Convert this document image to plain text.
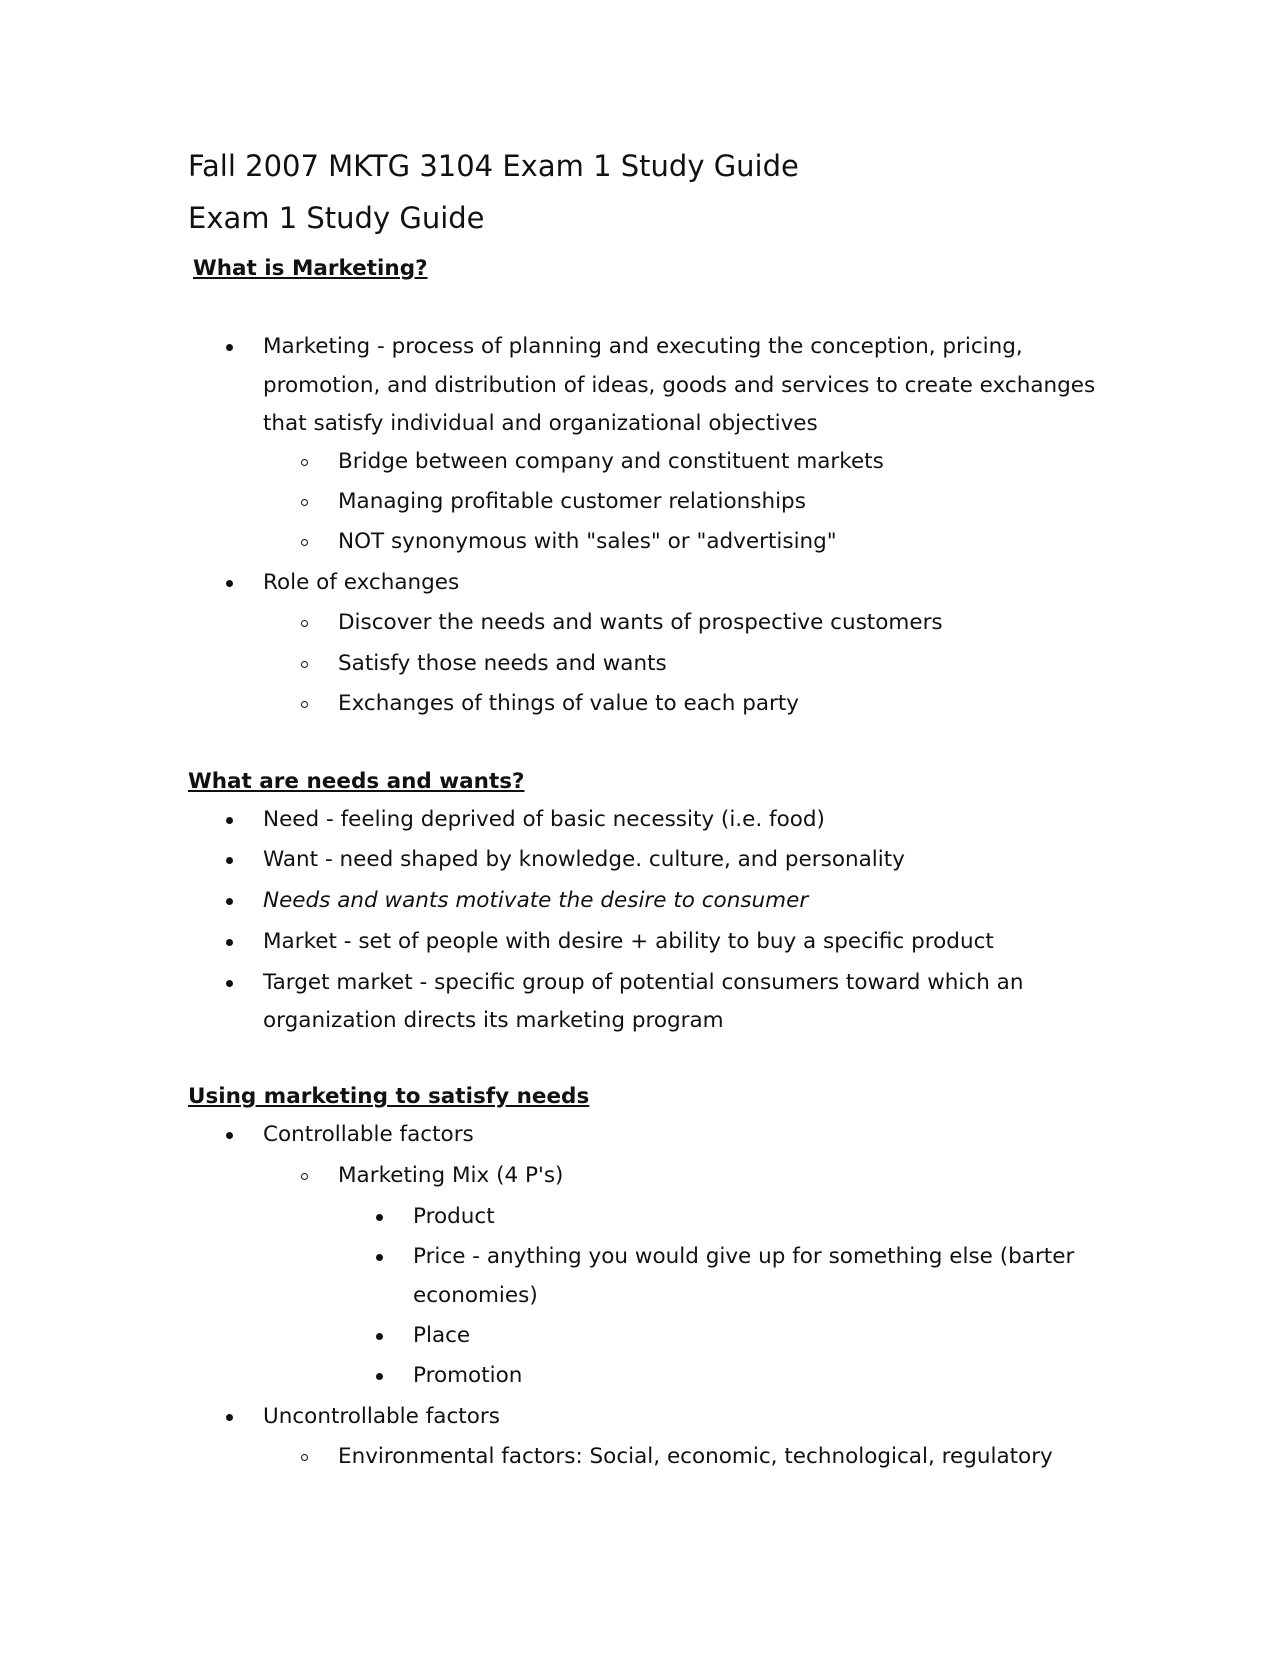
Fall 2007 MKTG 3104 Exam 1 Study Guide
Exam 1 Study Guide
What is Marketing?
Marketing - process of planning and executing the conception, pricing,
promotion, and distribution of ideas, goods and services to create exchanges
that satisfy individual and organizational objectives
Bridge between company and constituent markets
Managing profitable customer relationships
NOT synonymous with "sales" or "advertising"
Role of exchanges
Discover the needs and wants of prospective customers
Satisfy those needs and wants
Exchanges of things of value to each party
What are needs and wants?
Need - feeling deprived of basic necessity (i.e. food)
Want - need shaped by knowledge. culture, and personality
Needs and wants motivate the desire to consumer
Market - set of people with desire + ability to buy a specific product
Target market - specific group of potential consumers toward which an
organization directs its marketing program
Using marketing to satisfy needs
Controllable factors
Marketing Mix (4 P's)
Product
Price - anything you would give up for something else (barter
economies)
Place
Promotion
Uncontrollable factors
Environmental factors: Social, economic, technological, regulatory
